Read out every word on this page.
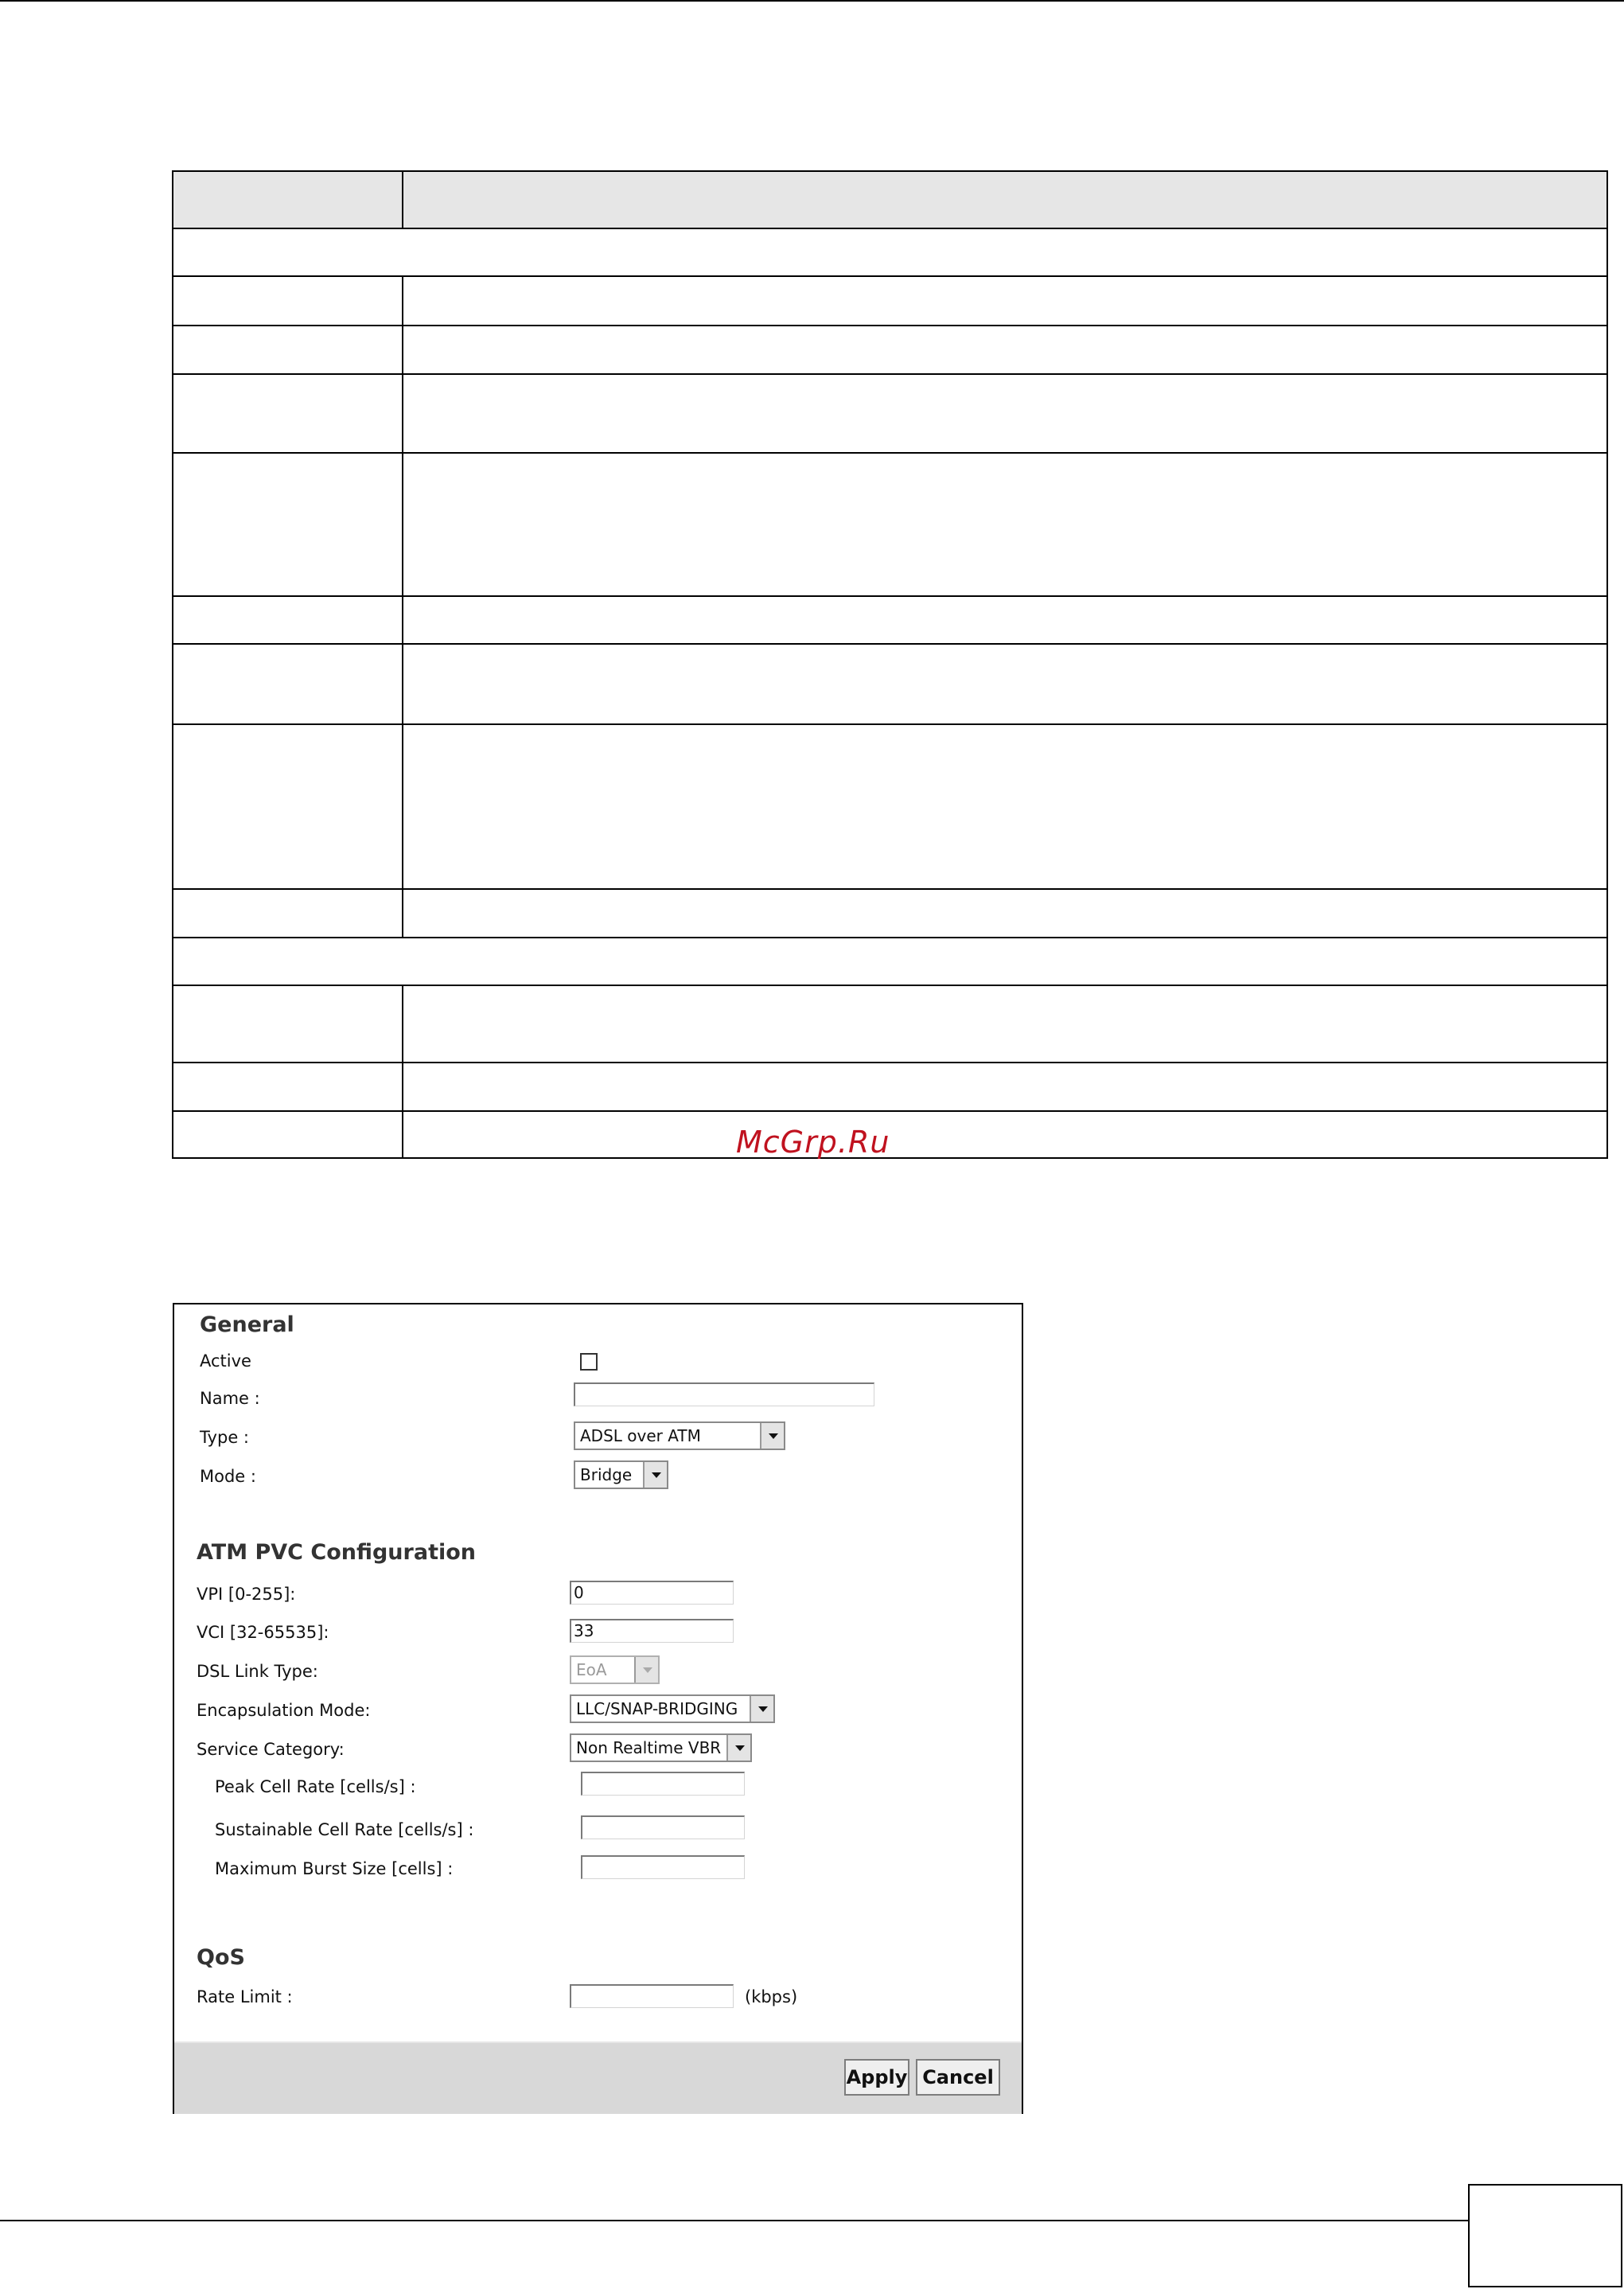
McGrp.Ru
General
Active
Name :
Type :	ADSL over ATM
Mode :	Bridge
ATM PVC Configuration
VPI [0-255]:	0
VCI [32-65535]:	33
DSL Link Type:	EoA
Encapsulation Mode:	LLC/SNAP-BRIDGING
Service Category:	Non Realtime VBR
Peak Cell Rate [cells/s] :
Sustainable Cell Rate [cells/s] :
Maximum Burst Size [cells] :
QoS
Rate Limit :	(kbps)
Apply Cancel
